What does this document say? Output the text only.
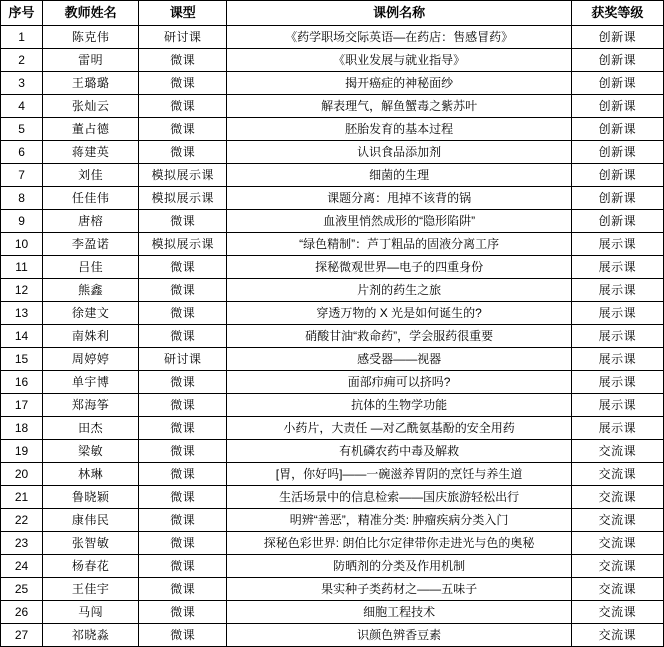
序号	教师姓名	课型	课例名称	获奖等级
1	陈克伟	研讨课	《药学职场交际英语—在药店：售感冒药》	创新课
2	雷明	微课	《职业发展与就业指导》	创新课
3	王璐璐	微课	揭开癌症的神秘面纱	创新课
4	张灿云	微课	解表理气，解鱼蟹毒之紫苏叶	创新课
5	董占德	微课	胚胎发育的基本过程	创新课
6	蒋建英	微课	认识食品添加剂	创新课
7	刘佳	模拟展示课	细菌的生理	创新课
8	任佳伟	模拟展示课	课题分离：甩掉不该背的锅	创新课
9	唐榕	微课	血液里悄然成形的“隐形陷阱”	创新课
10	李盈诺	模拟展示课	“绿色精制”：芦丁粗品的固液分离工序	展示课
11	吕佳	微课	探秘微观世界—电子的四重身份	展示课
12	熊鑫	微课	片剂的药生之旅	展示课
13	徐建文	微课	穿透万物的 X 光是如何诞生的?	展示课
14	南姝利	微课	硝酸甘油“救命药”，学会服药很重要	展示课
15	周婷婷	研讨课	感受器——视器	展示课
16	单宇博	微课	面部疖痈可以挤吗?	展示课
17	郑海筝	微课	抗体的生物学功能	展示课
18	田杰	微课	小药片，大责任 —对乙酰氨基酚的安全用药	展示课
19	梁敏	微课	有机磷农药中毒及解救	交流课
20	林琳	微课	[胃，你好吗]——一碗滋养胃阴的烹饪与养生道	交流课
21	鲁晓颖	微课	生活场景中的信息检索——国庆旅游轻松出行	交流课
22	康伟民	微课	明辨“善恶”，精准分类: 肿瘤疾病分类入门	交流课
23	张智敏	微课	探秘色彩世界: 朗伯比尔定律带你走进光与色的奥秘	交流课
24	杨春花	微课	防晒剂的分类及作用机制	交流课
25	王佳宇	微课	果实种子类药材之——五味子	交流课
26	马闯	微课	细胞工程技术	交流课
27	祁晓淼	微课	识颜色辨香豆素	交流课
